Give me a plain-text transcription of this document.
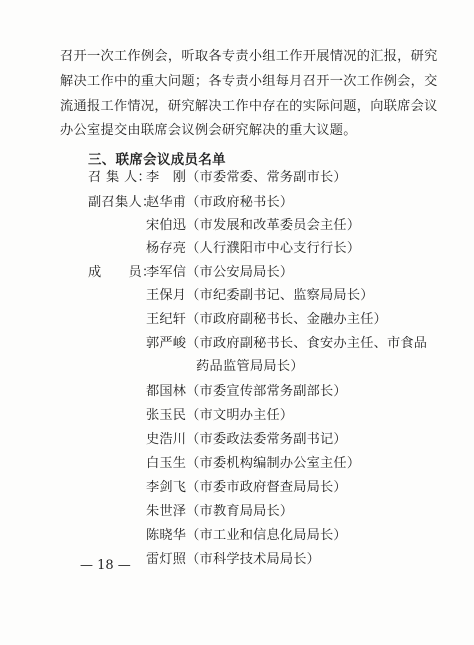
召开一次工作例会，听取各专责小组工作开展情况的汇报，研究
解决工作中的重大问题；各专责小组每月召开一次工作例会，交
流通报工作情况，研究解决工作中存在的实际问题，向联席会议
办公室提交由联席会议例会研究解决的重大议题。
三、联席会议成员名单
召 集 人：
李　刚（市委常委、常务副市长）
副召集人：
赵华甫（市政府秘书长）
宋伯迅（市发展和改革委员会主任）
杨存亮（人行濮阳市中心支行行长）
成　　员：
李军信（市公安局局长）
王保月（市纪委副书记、监察局局长）
王纪轩（市政府副秘书长、金融办主任）
郭严峻（市政府副秘书长、食安办主任、市食品
药品监管局局长）
都国林（市委宣传部常务副部长）
张玉民（市文明办主任）
史浩川（市委政法委常务副书记）
白玉生（市委机构编制办公室主任）
李剑飞（市委市政府督查局局长）
朱世泽（市教育局局长）
陈晓华（市工业和信息化局局长）
雷灯照（市科学技术局局长）
— 18 —
